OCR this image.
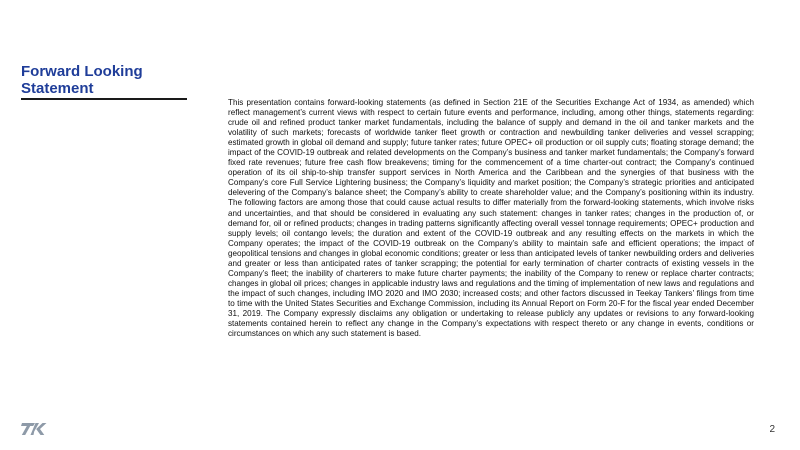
Forward Looking Statement

This presentation contains forward-looking statements (as defined in Section 21E of the Securities Exchange Act of 1934, as amended) which reflect management’s current views with respect to certain future events and performance, including, among other things, statements regarding: crude oil and refined product tanker market fundamentals, including the balance of supply and demand in the oil and tanker markets and the volatility of such markets; forecasts of worldwide tanker fleet growth or contraction and newbuilding tanker deliveries and vessel scrapping; estimated growth in global oil demand and supply; future tanker rates; future OPEC+ oil production or oil supply cuts; floating storage demand; the impact of the COVID-19 outbreak and related developments on the Company’s business and tanker market fundamentals; the Company’s forward fixed rate revenues; future free cash flow breakevens; timing for the commencement of a time charter-out contract; the Company’s continued operation of its oil ship-to-ship transfer support services in North America and the Caribbean and the synergies of that business with the Company’s core Full Service Lightering business; the Company’s liquidity and market position; the Company’s strategic priorities and anticipated delevering of the Company’s balance sheet; the Company’s ability to create shareholder value; and the Company’s positioning within its industry. The following factors are among those that could cause actual results to differ materially from the forward-looking statements, which involve risks and uncertainties, and that should be considered in evaluating any such statement: changes in tanker rates; changes in the production of, or demand for, oil or refined products; changes in trading patterns significantly affecting overall vessel tonnage requirements; OPEC+ production and supply levels; oil contango levels; the duration and extent of the COVID-19 outbreak and any resulting effects on the markets in which the Company operates; the impact of the COVID-19 outbreak on the Company’s ability to maintain safe and efficient operations; the impact of geopolitical tensions and changes in global economic conditions; greater or less than anticipated levels of tanker newbuilding orders and deliveries and greater or less than anticipated rates of tanker scrapping; the potential for early termination of charter contracts of existing vessels in the Company’s fleet; the inability of charterers to make future charter payments; the inability of the Company to renew or replace charter contracts; changes in global oil prices; changes in applicable industry laws and regulations and the timing of implementation of new laws and regulations and the impact of such changes, including IMO 2020 and IMO 2030; increased costs; and other factors discussed in Teekay Tankers’ filings from time to time with the United States Securities and Exchange Commission, including its Annual Report on Form 20-F for the fiscal year ended December 31, 2019. The Company expressly disclaims any obligation or undertaking to release publicly any updates or revisions to any forward-looking statements contained herein to reflect any change in the Company’s expectations with respect thereto or any change in events, conditions or circumstances on which any such statement is based.

2
